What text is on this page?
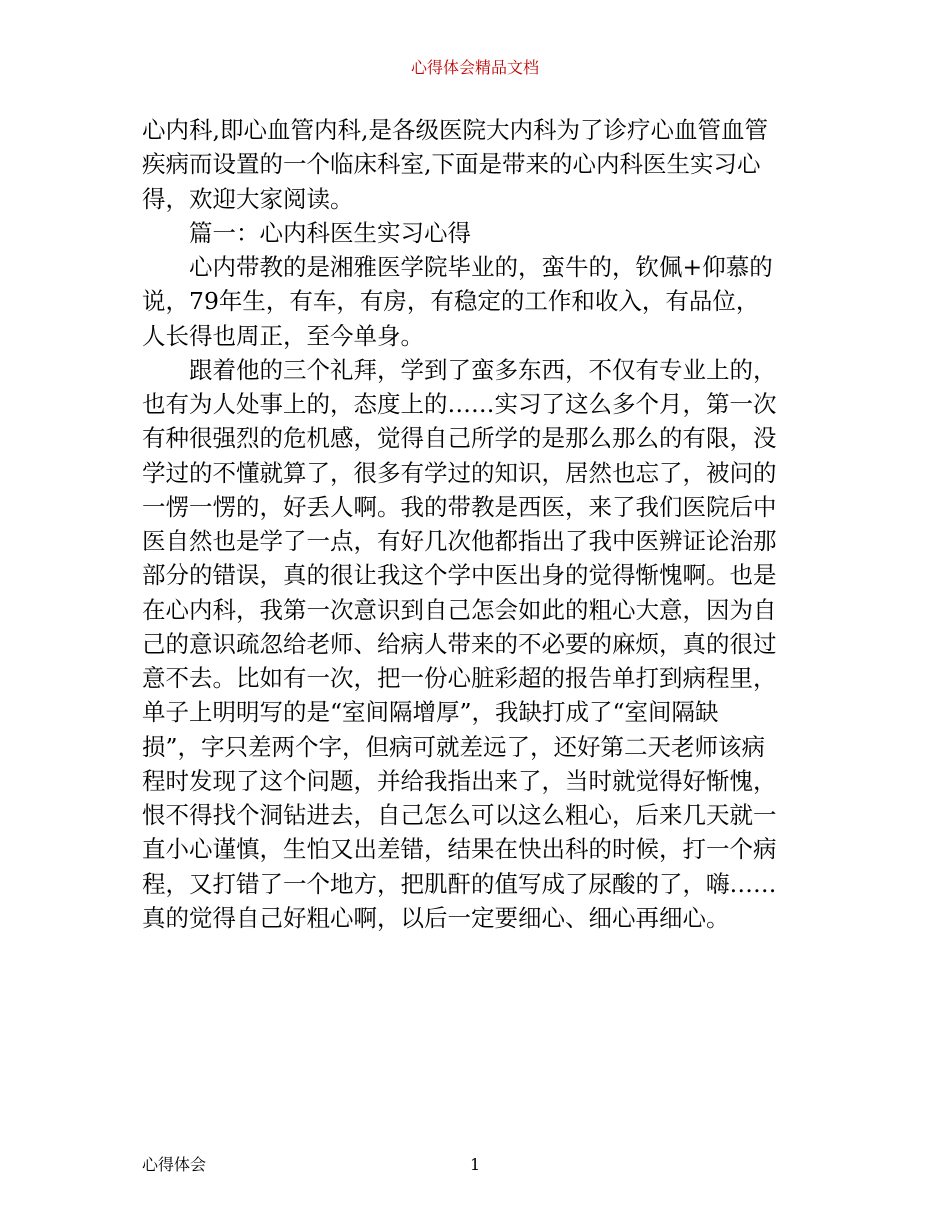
心得体会精品文档
心内科,即心血管内科,是各级医院大内科为了诊疗心血管血管
疾病而设置的一个临床科室,下面是带来的心内科医生实习心
得，欢迎大家阅读。
篇一：心内科医生实习心得
心内带教的是湘雅医学院毕业的，蛮牛的，钦佩+仰慕的
说，79年生，有车，有房，有稳定的工作和收入，有品位，
人长得也周正，至今单身。
跟着他的三个礼拜，学到了蛮多东西，不仅有专业上的，
也有为人处事上的，态度上的……实习了这么多个月，第一次
有种很强烈的危机感，觉得自己所学的是那么那么的有限，没
学过的不懂就算了，很多有学过的知识，居然也忘了，被问的
一愣一愣的，好丢人啊。我的带教是西医，来了我们医院后中
医自然也是学了一点，有好几次他都指出了我中医辨证论治那
部分的错误，真的很让我这个学中医出身的觉得惭愧啊。也是
在心内科，我第一次意识到自己怎会如此的粗心大意，因为自
己的意识疏忽给老师、给病人带来的不必要的麻烦，真的很过
意不去。比如有一次，把一份心脏彩超的报告单打到病程里，
单子上明明写的是“室间隔增厚”，我缺打成了“室间隔缺
损”，字只差两个字，但病可就差远了，还好第二天老师该病
程时发现了这个问题，并给我指出来了，当时就觉得好惭愧，
恨不得找个洞钻进去，自己怎么可以这么粗心，后来几天就一
直小心谨慎，生怕又出差错，结果在快出科的时候，打一个病
程，又打错了一个地方，把肌酐的值写成了尿酸的了，嗨……
真的觉得自己好粗心啊，以后一定要细心、细心再细心。
心得体会	1
